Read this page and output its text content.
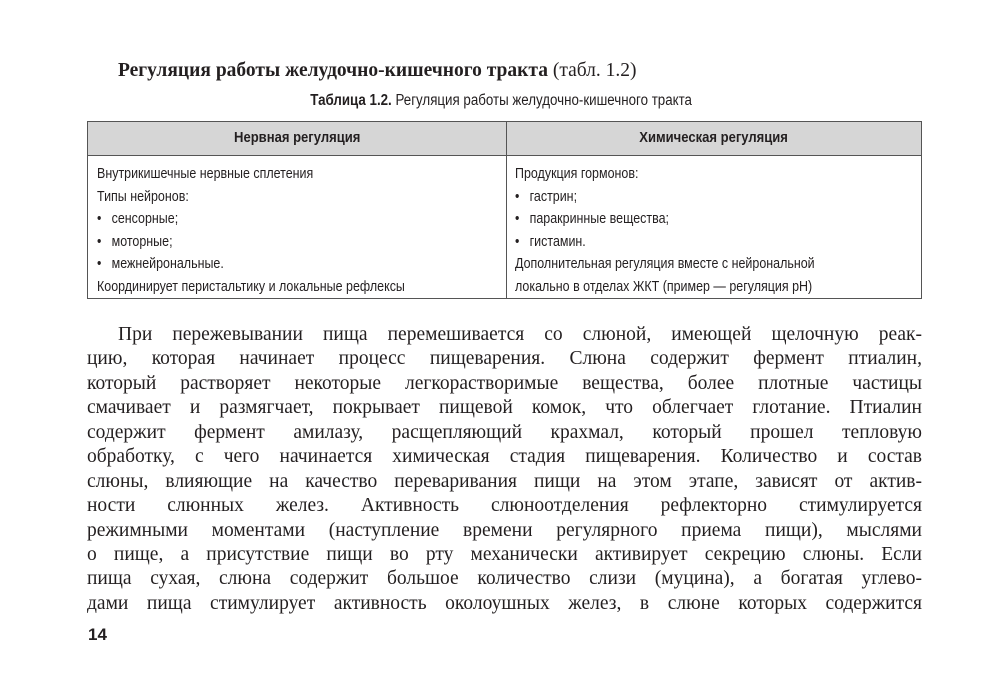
Регуляция работы желудочно-кишечного тракта (табл. 1.2)
Таблица 1.2. Регуляция работы желудочно-кишечного тракта
Нервная регуляция	Химическая регуляция
Внутрикишечные нервные сплетения
Типы нейронов:
• сенсорные;
• моторные;
• межнейрональные.
Координирует перистальтику и локальные рефлексы
Продукция гормонов:
• гастрин;
• паракринные вещества;
• гистамин.
Дополнительная регуляция вместе с нейрональной
локально в отделах ЖКТ (пример — регуляция pH)
При пережевывании пища перемешивается со слюной, имеющей щелочную реак-
цию, которая начинает процесс пищеварения. Слюна содержит фермент птиалин,
который растворяет некоторые легкорастворимые вещества, более плотные частицы
смачивает и размягчает, покрывает пищевой комок, что облегчает глотание. Птиалин
содержит фермент амилазу, расщепляющий крахмал, который прошел тепловую
обработку, с чего начинается химическая стадия пищеварения. Количество и состав
слюны, влияющие на качество переваривания пищи на этом этапе, зависят от актив-
ности слюнных желез. Активность слюноотделения рефлекторно стимулируется
режимными моментами (наступление времени регулярного приема пищи), мыслями
о пище, а присутствие пищи во рту механически активирует секрецию слюны. Если
пища сухая, слюна содержит большое количество слизи (муцина), а богатая углево-
дами пища стимулирует активность околоушных желез, в слюне которых содержится
14
